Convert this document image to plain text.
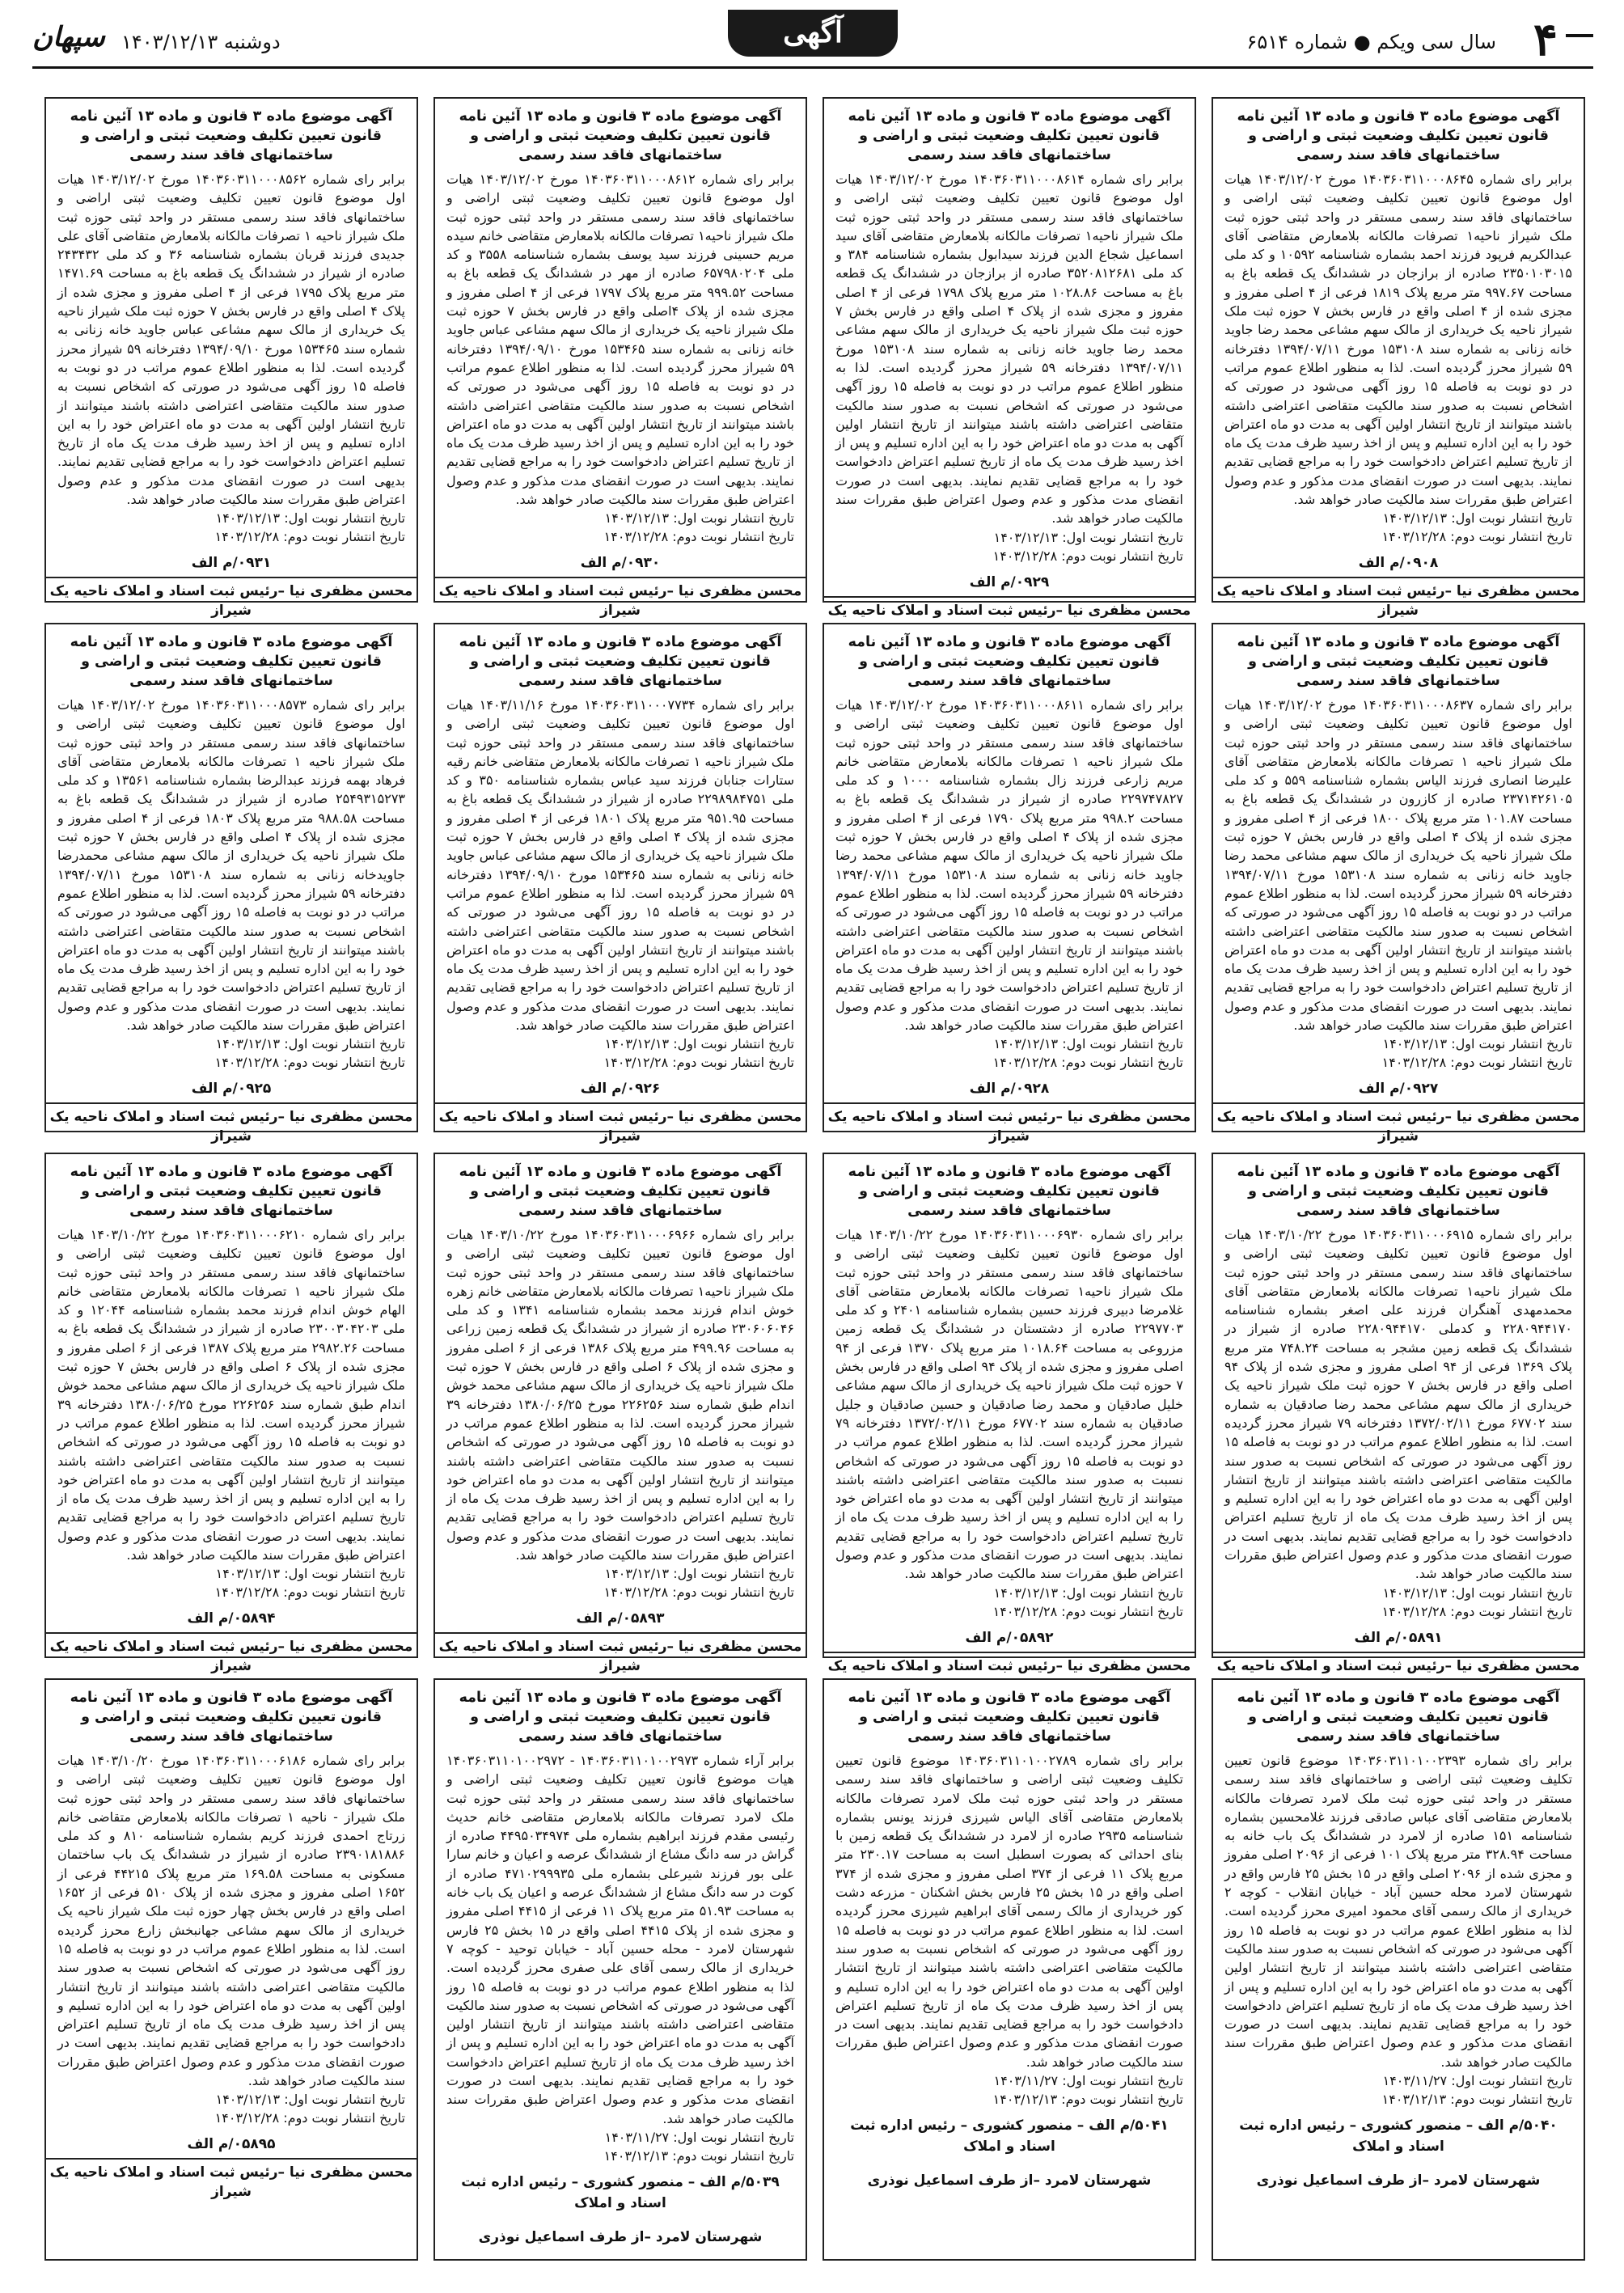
۴
سال سی ویکم ● شماره ۶۵۱۴
آگهی
دوشنبه ۱۴۰۳/۱۲/۱۳
سپهان

آگهی موضوع ماده ۳ قانون و ماده ۱۳ آئین نامه قانون تعیین تکلیف وضعیت ثبتی و اراضی و ساختمانهای فاقد سند رسمی

برابر رای شماره ۱۴۰۳۶۰۳۱۱۰۰۰۸۶۴۵ مورخ ۱۴۰۳/۱۲/۰۲ هیات اول موضوع قانون تعیین تکلیف وضعیت ثبتی اراضی و ساختمانهای فاقد سند رسمی مستقر در واحد ثبتی حوزه ثبت ملک شیراز ناحیه۱ تصرفات مالکانه بلامعارض متقاضی آقای عبدالکریم فرپود فرزند احمد بشماره شناسنامه ۱۰۵۹۲ و کد ملی ۲۳۵۰۱۰۳۰۱۵ صادره از برازجان در ششدانگ یک قطعه باغ به مساحت ۹۹۷.۶۷ متر مربع پلاک ۱۸۱۹ فرعی از ۴ اصلی مفروز و مجزی شده از ۴ اصلی واقع در فارس بخش ۷ حوزه ثبت ملک شیراز ناحیه یک خریداری از مالک سهم مشاعی محمد رضا جاوید خانه زنانی به شماره سند ۱۵۳۱۰۸ مورخ ۱۳۹۴/۰۷/۱۱ دفترخانه ۵۹ شیراز محرز گردیده است. لذا به منظور اطلاع عموم مراتب در دو نوبت به فاصله ۱۵ روز آگهی می‌شود در صورتی که اشخاص نسبت به صدور سند مالکیت متقاضی اعتراضی داشته باشند میتوانند از تاریخ انتشار اولین آگهی به مدت دو ماه اعتراض خود را به این اداره تسلیم و پس از اخذ رسید ظرف مدت یک ماه از تاریخ تسلیم اعتراض دادخواست خود را به مراجع قضایی تقدیم نمایند. بدیهی است در صورت انقضای مدت مذکور و عدم وصول اعتراض طبق مقررات سند مالکیت صادر خواهد شد.

تاریخ انتشار نوبت اول: ۱۴۰۳/۱۲/۱۳

تاریخ انتشار نوبت دوم: ۱۴۰۳/۱۲/۲۸

۰۹۰۸/م الف

محسن مظفری نیا –رئیس ثبت اسناد و املاک ناحیه یک شیراز

آگهی موضوع ماده ۳ قانون و ماده ۱۳ آئین نامه قانون تعیین تکلیف وضعیت ثبتی و اراضی و ساختمانهای فاقد سند رسمی

برابر رای شماره ۱۴۰۳۶۰۳۱۱۰۰۰۸۶۱۴ مورخ ۱۴۰۳/۱۲/۰۲ هیات اول موضوع قانون تعیین تکلیف وضعیت ثبتی اراضی و ساختمانهای فاقد سند رسمی مستقر در واحد ثبتی حوزه ثبت ملک شیراز ناحیه۱ تصرفات مالکانه بلامعارض متقاضی آقای سید اسماعیل شجاع الدین فرزند سیدابول بشماره شناسنامه ۳۸۴ و کد ملی ۳۵۲۰۸۱۲۶۸۱ صادره از برازجان در ششدانگ یک قطعه باغ به مساحت ۱۰۲۸.۸۶ متر مربع پلاک ۱۷۹۸ فرعی از ۴ اصلی مفروز و مجزی شده از پلاک ۴ اصلی واقع در فارس بخش ۷ حوزه ثبت ملک شیراز ناحیه یک خریداری از مالک سهم مشاعی محمد رضا جاوید خانه زنانی به شماره سند ۱۵۳۱۰۸ مورخ ۱۳۹۴/۰۷/۱۱ دفترخانه ۵۹ شیراز محرز گردیده است. لذا به منظور اطلاع عموم مراتب در دو نوبت به فاصله ۱۵ روز آگهی می‌شود در صورتی که اشخاص نسبت به صدور سند مالکیت متقاضی اعتراضی داشته باشند میتوانند از تاریخ انتشار اولین آگهی به مدت دو ماه اعتراض خود را به این اداره تسلیم و پس از اخذ رسید ظرف مدت یک ماه از تاریخ تسلیم اعتراض دادخواست خود را به مراجع قضایی تقدیم نمایند. بدیهی است در صورت انقضای مدت مذکور و عدم وصول اعتراض طبق مقررات سند مالکیت صادر خواهد شد.

تاریخ انتشار نوبت اول: ۱۴۰۳/۱۲/۱۳

تاریخ انتشار نوبت دوم: ۱۴۰۳/۱۲/۲۸

۰۹۲۹/م الف

محسن مظفری نیا –رئیس ثبت اسناد و املاک ناحیه یک

آگهی موضوع ماده ۳ قانون و ماده ۱۳ آئین نامه قانون تعیین تکلیف وضعیت ثبتی و اراضی و ساختمانهای فاقد سند رسمی

برابر رای شماره ۱۴۰۳۶۰۳۱۱۰۰۰۸۶۱۲ مورخ ۱۴۰۳/۱۲/۰۲ هیات اول موضوع قانون تعیین تکلیف وضعیت ثبتی اراضی و ساختمانهای فاقد سند رسمی مستقر در واحد ثبتی حوزه ثبت ملک شیراز ناحیه۱ تصرفات مالکانه بلامعارض متقاضی خانم سیده مریم حسینی فرزند سید یوسف بشماره شناسنامه ۳۵۵۸ و کد ملی ۶۵۷۹۸۰۲۰۴ صادره از مهر در ششدانگ یک قطعه باغ به مساحت ۹۹۹.۵۲ متر مربع پلاک ۱۷۹۷ فرعی از ۴ اصلی مفروز و مجزی شده از پلاک ۴اصلی واقع در فارس بخش ۷ حوزه ثبت ملک شیراز ناحیه یک خریداری از مالک سهم مشاعی عباس جاوید خانه زنانی به شماره سند ۱۵۳۴۶۵ مورخ ۱۳۹۴/۰۹/۱۰ دفترخانه ۵۹ شیراز محرز گردیده است. لذا به منظور اطلاع عموم مراتب در دو نوبت به فاصله ۱۵ روز آگهی می‌شود در صورتی که اشخاص نسبت به صدور سند مالکیت متقاضی اعتراضی داشته باشند میتوانند از تاریخ انتشار اولین آگهی به مدت دو ماه اعتراض خود را به این اداره تسلیم و پس از اخذ رسید ظرف مدت یک ماه از تاریخ تسلیم اعتراض دادخواست خود را به مراجع قضایی تقدیم نمایند. بدیهی است در صورت انقضای مدت مذکور و عدم وصول اعتراض طبق مقررات سند مالکیت صادر خواهد شد.

تاریخ انتشار نوبت اول: ۱۴۰۳/۱۲/۱۳

تاریخ انتشار نوبت دوم: ۱۴۰۳/۱۲/۲۸

۰۹۳۰/م الف

محسن مظفری نیا –رئیس ثبت اسناد و املاک ناحیه یک شیراز

آگهی موضوع ماده ۳ قانون و ماده ۱۳ آئین نامه قانون تعیین تکلیف وضعیت ثبتی و اراضی و ساختمانهای فاقد سند رسمی

برابر رای شماره ۱۴۰۳۶۰۳۱۱۰۰۰۸۵۶۲ مورخ ۱۴۰۳/۱۲/۰۲ هیات اول موضوع قانون تعیین تکلیف وضعیت ثبتی اراضی و ساختمانهای فاقد سند رسمی مستقر در واحد ثبتی حوزه ثبت ملک شیراز ناحیه ۱ تصرفات مالکانه بلامعارض متقاضی آقای علی جدیدی فرزند قربان بشماره شناسنامه ۳۶ و کد ملی ۲۴۳۴۳۲ صادره از شیراز در ششدانگ یک قطعه باغ به مساحت ۱۴۷۱.۶۹ متر مربع پلاک ۱۷۹۵ فرعی از ۴ اصلی مفروز و مجزی شده از پلاک ۴ اصلی واقع در فارس بخش ۷ حوزه ثبت ملک شیراز ناحیه یک خریداری از مالک سهم مشاعی عباس جاوید خانه زنانی به شماره سند ۱۵۳۴۶۵ مورخ ۱۳۹۴/۰۹/۱۰ دفترخانه ۵۹ شیراز محرز گردیده است. لذا به منظور اطلاع عموم مراتب در دو نوبت به فاصله ۱۵ روز آگهی می‌شود در صورتی که اشخاص نسبت به صدور سند مالکیت متقاضی اعتراضی داشته باشند میتوانند از تاریخ انتشار اولین آگهی به مدت دو ماه اعتراض خود را به این اداره تسلیم و پس از اخذ رسید ظرف مدت یک ماه از تاریخ تسلیم اعتراض دادخواست خود را به مراجع قضایی تقدیم نمایند. بدیهی است در صورت انقضای مدت مذکور و عدم وصول اعتراض طبق مقررات سند مالکیت صادر خواهد شد.

تاریخ انتشار نوبت اول: ۱۴۰۳/۱۲/۱۳

تاریخ انتشار نوبت دوم: ۱۴۰۳/۱۲/۲۸

۰۹۳۱/م الف

محسن مظفری نیا –رئیس ثبت اسناد و املاک ناحیه یک شیراز

آگهی موضوع ماده ۳ قانون و ماده ۱۳ آئین نامه قانون تعیین تکلیف وضعیت ثبتی و اراضی و ساختمانهای فاقد سند رسمی

برابر رای شماره ۱۴۰۳۶۰۳۱۱۰۰۰۸۶۳۷ مورخ ۱۴۰۳/۱۲/۰۲ هیات اول موضوع قانون تعیین تکلیف وضعیت ثبتی اراضی و ساختمانهای فاقد سند رسمی مستقر در واحد ثبتی حوزه ثبت ملک شیراز ناحیه ۱ تصرفات مالکانه بلامعارض متقاضی آقای علیرضا انصاری فرزند الیاس بشماره شناسنامه ۵۵۹ و کد ملی ۲۳۷۱۴۲۶۱۰۵ صادره از کازرون در ششدانگ یک قطعه باغ به مساحت ۱۰۱.۸۷ متر مربع پلاک ۱۸۰۰ فرعی از ۴ اصلی مفروز و مجزی شده از پلاک ۴ اصلی واقع در فارس بخش ۷ حوزه ثبت ملک شیراز ناحیه یک خریداری از مالک سهم مشاعی محمد رضا جاوید خانه زنانی به شماره سند ۱۵۳۱۰۸ مورخ ۱۳۹۴/۰۷/۱۱ دفترخانه ۵۹ شیراز محرز گردیده است. لذا به منظور اطلاع عموم مراتب در دو نوبت به فاصله ۱۵ روز آگهی می‌شود در صورتی که اشخاص نسبت به صدور سند مالکیت متقاضی اعتراضی داشته باشند میتوانند از تاریخ انتشار اولین آگهی به مدت دو ماه اعتراض خود را به این اداره تسلیم و پس از اخذ رسید ظرف مدت یک ماه از تاریخ تسلیم اعتراض دادخواست خود را به مراجع قضایی تقدیم نمایند. بدیهی است در صورت انقضای مدت مذکور و عدم وصول اعتراض طبق مقررات سند مالکیت صادر خواهد شد.

تاریخ انتشار نوبت اول: ۱۴۰۳/۱۲/۱۳

تاریخ انتشار نوبت دوم: ۱۴۰۳/۱۲/۲۸

۰۹۲۷/م الف

محسن مظفری نیا –رئیس ثبت اسناد و املاک ناحیه یک شیراز

آگهی موضوع ماده ۳ قانون و ماده ۱۳ آئین نامه قانون تعیین تکلیف وضعیت ثبتی و اراضی و ساختمانهای فاقد سند رسمی

برابر رای شماره ۱۴۰۳۶۰۳۱۱۰۰۰۸۶۱۱ مورخ ۱۴۰۳/۱۲/۰۲ هیات اول موضوع قانون تعیین تکلیف وضعیت ثبتی اراضی و ساختمانهای فاقد سند رسمی مستقر در واحد ثبتی حوزه ثبت ملک شیراز ناحیه ۱ تصرفات مالکانه بلامعارض متقاضی خانم مریم زارعی فرزند زال بشماره شناسنامه ۱۰۰۰ و کد ملی ۲۲۹۷۴۷۸۲۷ صادره از شیراز در ششدانگ یک قطعه باغ به مساحت ۹۹۸.۲ متر مربع پلاک ۱۷۹۰ فرعی از ۴ اصلی مفروز و مجزی شده از پلاک ۴ اصلی واقع در فارس بخش ۷ حوزه ثبت ملک شیراز ناحیه یک خریداری از مالک سهم مشاعی محمد رضا جاوید خانه زنانی به شماره سند ۱۵۳۱۰۸ مورخ ۱۳۹۴/۰۷/۱۱ دفترخانه ۵۹ شیراز محرز گردیده است. لذا به منظور اطلاع عموم مراتب در دو نوبت به فاصله ۱۵ روز آگهی می‌شود در صورتی که اشخاص نسبت به صدور سند مالکیت متقاضی اعتراضی داشته باشند میتوانند از تاریخ انتشار اولین آگهی به مدت دو ماه اعتراض خود را به این اداره تسلیم و پس از اخذ رسید ظرف مدت یک ماه از تاریخ تسلیم اعتراض دادخواست خود را به مراجع قضایی تقدیم نمایند. بدیهی است در صورت انقضای مدت مذکور و عدم وصول اعتراض طبق مقررات سند مالکیت صادر خواهد شد.

تاریخ انتشار نوبت اول: ۱۴۰۳/۱۲/۱۳

تاریخ انتشار نوبت دوم: ۱۴۰۳/۱۲/۲۸

۰۹۲۸/م الف

محسن مظفری نیا –رئیس ثبت اسناد و املاک ناحیه یک شیراز

آگهی موضوع ماده ۳ قانون و ماده ۱۳ آئین نامه قانون تعیین تکلیف وضعیت ثبتی و اراضی و ساختمانهای فاقد سند رسمی

برابر رای شماره ۱۴۰۳۶۰۳۱۱۰۰۰۷۷۳۴ مورخ ۱۴۰۳/۱۱/۱۶ هیات اول موضوع قانون تعیین تکلیف وضعیت ثبتی اراضی و ساختمانهای فاقد سند رسمی مستقر در واحد ثبتی حوزه ثبت ملک شیراز ناحیه ۱ تصرفات مالکانه بلامعارض متقاضی خانم رقیه ستارات جنابان فرزند سید عباس بشماره شناسنامه ۳۵۰ و کد ملی ۲۲۹۸۹۸۴۷۵۱ صادره از شیراز در ششدانگ یک قطعه باغ به مساحت ۹۵۱.۹۵ متر مربع پلاک ۱۸۰۱ فرعی از ۴ اصلی مفروز و مجزی شده از پلاک ۴ اصلی واقع در فارس بخش ۷ حوزه ثبت ملک شیراز ناحیه یک خریداری از مالک سهم مشاعی عباس جاوید خانه زنانی به شماره سند ۱۵۳۴۶۵ مورخ ۱۳۹۴/۰۹/۱۰ دفترخانه ۵۹ شیراز محرز گردیده است. لذا به منظور اطلاع عموم مراتب در دو نوبت به فاصله ۱۵ روز آگهی می‌شود در صورتی که اشخاص نسبت به صدور سند مالکیت متقاضی اعتراضی داشته باشند میتوانند از تاریخ انتشار اولین آگهی به مدت دو ماه اعتراض خود را به این اداره تسلیم و پس از اخذ رسید ظرف مدت یک ماه از تاریخ تسلیم اعتراض دادخواست خود را به مراجع قضایی تقدیم نمایند. بدیهی است در صورت انقضای مدت مذکور و عدم وصول اعتراض طبق مقررات سند مالکیت صادر خواهد شد.

تاریخ انتشار نوبت اول: ۱۴۰۳/۱۲/۱۳

تاریخ انتشار نوبت دوم: ۱۴۰۳/۱۲/۲۸

۰۹۲۶/م الف

محسن مظفری نیا –رئیس ثبت اسناد و املاک ناحیه یک شیراز

آگهی موضوع ماده ۳ قانون و ماده ۱۳ آئین نامه قانون تعیین تکلیف وضعیت ثبتی و اراضی و ساختمانهای فاقد سند رسمی

برابر رای شماره ۱۴۰۳۶۰۳۱۱۰۰۰۸۵۷۳ مورخ ۱۴۰۳/۱۲/۰۲ هیات اول موضوع قانون تعیین تکلیف وضعیت ثبتی اراضی و ساختمانهای فاقد سند رسمی مستقر در واحد ثبتی حوزه ثبت ملک شیراز ناحیه ۱ تصرفات مالکانه بلامعارض متقاضی آقای فرهاد بهمه فرزند عبدالرضا بشماره شناسنامه ۱۳۵۶۱ و کد ملی ۲۵۴۹۳۱۵۲۷۳ صادره از شیراز در ششدانگ یک قطعه باغ به مساحت ۹۸۸.۵۸ متر مربع پلاک ۱۸۰۳ فرعی از ۴ اصلی مفروز و مجزی شده از پلاک ۴ اصلی واقع در فارس بخش ۷ حوزه ثبت ملک شیراز ناحیه یک خریداری از مالک سهم مشاعی محمدرضا جاویدخانه زنانی به شماره سند ۱۵۳۱۰۸ مورخ ۱۳۹۴/۰۷/۱۱ دفترخانه ۵۹ شیراز محرز گردیده است. لذا به منظور اطلاع عموم مراتب در دو نوبت به فاصله ۱۵ روز آگهی می‌شود در صورتی که اشخاص نسبت به صدور سند مالکیت متقاضی اعتراضی داشته باشند میتوانند از تاریخ انتشار اولین آگهی به مدت دو ماه اعتراض خود را به این اداره تسلیم و پس از اخذ رسید ظرف مدت یک ماه از تاریخ تسلیم اعتراض دادخواست خود را به مراجع قضایی تقدیم نمایند. بدیهی است در صورت انقضای مدت مذکور و عدم وصول اعتراض طبق مقررات سند مالکیت صادر خواهد شد.

تاریخ انتشار نوبت اول: ۱۴۰۳/۱۲/۱۳

تاریخ انتشار نوبت دوم: ۱۴۰۳/۱۲/۲۸

۰۹۲۵/م الف

محسن مظفری نیا –رئیس ثبت اسناد و املاک ناحیه یک شیراز

آگهی موضوع ماده ۳ قانون و ماده ۱۳ آئین نامه قانون تعیین تکلیف وضعیت ثبتی و اراضی و ساختمانهای فاقد سند رسمی

برابر رای شماره ۱۴۰۳۶۰۳۱۱۰۰۰۶۹۱۵ مورخ ۱۴۰۳/۱۰/۲۲ هیات اول موضوع قانون تعیین تکلیف وضعیت ثبتی اراضی و ساختمانهای فاقد سند رسمی مستقر در واحد ثبتی حوزه ثبت ملک شیراز ناحیه۱ تصرفات مالکانه بلامعارض متقاضی آقای محمدمهدی آهنگران فرزند علی اصغر بشماره شناسنامه ۲۲۸۰۹۴۴۱۷۰ و کدملی ۲۲۸۰۹۴۴۱۷۰ صادره از شیراز در ششدانگ یک قطعه زمین مشجر به مساحت ۷۴۸.۲۴ متر مربع پلاک ۱۳۶۹ فرعی از ۹۴ اصلی مفروز و مجزی شده از پلاک ۹۴ اصلی واقع در فارس بخش ۷ حوزه ثبت ملک شیراز ناحیه یک خریداری از مالک سهم مشاعی محمد رضا صادقیان به شماره سند ۶۷۷۰۲ مورخ ۱۳۷۲/۰۲/۱۱ دفترخانه ۷۹ شیراز محرز گردیده است. لذا به منظور اطلاع عموم مراتب در دو نوبت به فاصله ۱۵ روز آگهی می‌شود در صورتی که اشخاص نسبت به صدور سند مالکیت متقاضی اعتراضی داشته باشند میتوانند از تاریخ انتشار اولین آگهی به مدت دو ماه اعتراض خود را به این اداره تسلیم و پس از اخذ رسید ظرف مدت یک ماه از تاریخ تسلیم اعتراض دادخواست خود را به مراجع قضایی تقدیم نمایند. بدیهی است در صورت انقضای مدت مذکور و عدم وصول اعتراض طبق مقررات سند مالکیت صادر خواهد شد.

تاریخ انتشار نوبت اول: ۱۴۰۳/۱۲/۱۳

تاریخ انتشار نوبت دوم: ۱۴۰۳/۱۲/۲۸

۰۵۸۹۱/م الف

محسن مظفری نیا –رئیس ثبت اسناد و املاک ناحیه یک

آگهی موضوع ماده ۳ قانون و ماده ۱۳ آئین نامه قانون تعیین تکلیف وضعیت ثبتی و اراضی و ساختمانهای فاقد سند رسمی

برابر رای شماره ۱۴۰۳۶۰۳۱۱۰۰۰۶۹۳۰ مورخ ۱۴۰۳/۱۰/۲۲ هیات اول موضوع قانون تعیین تکلیف وضعیت ثبتی اراضی و ساختمانهای فاقد سند رسمی مستقر در واحد ثبتی حوزه ثبت ملک شیراز ناحیه۱ تصرفات مالکانه بلامعارض متقاضی آقای غلامرضا دبیری فرزند حسین بشماره شناسنامه ۲۴۰۱ و کد ملی ۲۲۹۷۷۰۳ صادره از دشتستان در ششدانگ یک قطعه زمین مزروعی به مساحت ۱۰۱۸.۶۴ متر مربع پلاک ۱۳۷۰ فرعی از ۹۴ اصلی مفروز و مجزی شده از پلاک ۹۴ اصلی واقع در فارس بخش ۷ حوزه ثبت ملک شیراز ناحیه یک خریداری از مالک سهم مشاعی خلیل صادقیان و محمد رضا صادقیان و حسین صادقیان و جلیل صادقیان به شماره سند ۶۷۷۰۲ مورخ ۱۳۷۲/۰۲/۱۱ دفترخانه ۷۹ شیراز محرز گردیده است. لذا به منظور اطلاع عموم مراتب در دو نوبت به فاصله ۱۵ روز آگهی می‌شود در صورتی که اشخاص نسبت به صدور سند مالکیت متقاضی اعتراضی داشته باشند میتوانند از تاریخ انتشار اولین آگهی به مدت دو ماه اعتراض خود را به این اداره تسلیم و پس از اخذ رسید ظرف مدت یک ماه از تاریخ تسلیم اعتراض دادخواست خود را به مراجع قضایی تقدیم نمایند. بدیهی است در صورت انقضای مدت مذکور و عدم وصول اعتراض طبق مقررات سند مالکیت صادر خواهد شد.

تاریخ انتشار نوبت اول: ۱۴۰۳/۱۲/۱۳

تاریخ انتشار نوبت دوم: ۱۴۰۳/۱۲/۲۸

۰۵۸۹۲/م الف

محسن مظفری نیا –رئیس ثبت اسناد و املاک ناحیه یک

آگهی موضوع ماده ۳ قانون و ماده ۱۳ آئین نامه قانون تعیین تکلیف وضعیت ثبتی و اراضی و ساختمانهای فاقد سند رسمی

برابر رای شماره ۱۴۰۳۶۰۳۱۱۰۰۰۶۹۶۶ مورخ ۱۴۰۳/۱۰/۲۲ هیات اول موضوع قانون تعیین تکلیف وضعیت ثبتی اراضی و ساختمانهای فاقد سند رسمی مستقر در واحد ثبتی حوزه ثبت ملک شیراز ناحیه۱ تصرفات مالکانه بلامعارض متقاضی خانم زهره خوش اندام فرزند محمد بشماره شناسنامه ۱۳۴۱ و کد ملی ۲۳۰۶۰۶۰۴۶ صادره از شیراز در ششدانگ یک قطعه زمین زراعی به مساحت ۴۹۹.۹۶ متر مربع پلاک ۱۳۸۶ فرعی از ۶ اصلی مفروز و مجزی شده از پلاک ۶ اصلی واقع در فارس بخش ۷ حوزه ثبت ملک شیراز ناحیه یک خریداری از مالک سهم مشاعی محمد خوش اندام طبق شماره سند ۲۲۶۲۵۶ مورخ ۱۳۸۰/۰۶/۲۵ دفترخانه ۳۹ شیراز محرز گردیده است. لذا به منظور اطلاع عموم مراتب در دو نوبت به فاصله ۱۵ روز آگهی می‌شود در صورتی که اشخاص نسبت به صدور سند مالکیت متقاضی اعتراضی داشته باشند میتوانند از تاریخ انتشار اولین آگهی به مدت دو ماه اعتراض خود را به این اداره تسلیم و پس از اخذ رسید ظرف مدت یک ماه از تاریخ تسلیم اعتراض دادخواست خود را به مراجع قضایی تقدیم نمایند. بدیهی است در صورت انقضای مدت مذکور و عدم وصول اعتراض طبق مقررات سند مالکیت صادر خواهد شد.

تاریخ انتشار نوبت اول: ۱۴۰۳/۱۲/۱۳

تاریخ انتشار نوبت دوم: ۱۴۰۳/۱۲/۲۸

۰۵۸۹۳/م الف

محسن مظفری نیا –رئیس ثبت اسناد و املاک ناحیه یک شیراز

آگهی موضوع ماده ۳ قانون و ماده ۱۳ آئین نامه قانون تعیین تکلیف وضعیت ثبتی و اراضی و ساختمانهای فاقد سند رسمی

برابر رای شماره ۱۴۰۳۶۰۳۱۱۰۰۰۶۲۱۰ مورخ ۱۴۰۳/۱۰/۲۲ هیات اول موضوع قانون تعیین تکلیف وضعیت ثبتی اراضی و ساختمانهای فاقد سند رسمی مستقر در واحد ثبتی حوزه ثبت ملک شیراز ناحیه ۱ تصرفات مالکانه بلامعارض متقاضی خانم الهام خوش اندام فرزند محمد بشماره شناسنامه ۱۲۰۴۴ و کد ملی ۲۳۰۰۳۰۴۲۰۳ صادره از شیراز در ششدانگ یک قطعه باغ به مساحت ۲۹۸۲.۲۶ متر مربع پلاک ۱۳۸۷ فرعی از ۶ اصلی مفروز و مجزی شده از پلاک ۶ اصلی واقع در فارس بخش ۷ حوزه ثبت ملک شیراز ناحیه یک خریداری از مالک سهم مشاعی محمد خوش اندام طبق شماره سند ۲۲۶۲۵۶ مورخ ۱۳۸۰/۰۶/۲۵ دفترخانه ۳۹ شیراز محرز گردیده است. لذا به منظور اطلاع عموم مراتب در دو نوبت به فاصله ۱۵ روز آگهی می‌شود در صورتی که اشخاص نسبت به صدور سند مالکیت متقاضی اعتراضی داشته باشند میتوانند از تاریخ انتشار اولین آگهی به مدت دو ماه اعتراض خود را به این اداره تسلیم و پس از اخذ رسید ظرف مدت یک ماه از تاریخ تسلیم اعتراض دادخواست خود را به مراجع قضایی تقدیم نمایند. بدیهی است در صورت انقضای مدت مذکور و عدم وصول اعتراض طبق مقررات سند مالکیت صادر خواهد شد.

تاریخ انتشار نوبت اول: ۱۴۰۳/۱۲/۱۳

تاریخ انتشار نوبت دوم: ۱۴۰۳/۱۲/۲۸

۰۵۸۹۴/م الف

محسن مظفری نیا –رئیس ثبت اسناد و املاک ناحیه یک شیراز

آگهی موضوع ماده ۳ قانون و ماده ۱۳ آئین نامه قانون تعیین تکلیف وضعیت ثبتی و اراضی و ساختمانهای فاقد سند رسمی

برابر رای شماره ۱۴۰۳۶۰۳۱۱۰۱۰۰۲۳۹۳ موضوع قانون تعیین تکلیف وضعیت ثبتی اراضی و ساختمانهای فاقد سند رسمی مستقر در واحد ثبتی حوزه ثبت ملک لامرد تصرفات مالکانه بلامعارض متقاضی آقای عباس صادقی فرزند غلامحسین بشماره شناسنامه ۱۵۱ صادره از لامرد در ششدانگ یک باب خانه به مساحت ۳۲۸.۹۴ متر مربع پلاک ۱۰۱ فرعی از ۲۰۹۶ اصلی مفروز و مجزی شده از ۲۰۹۶ اصلی واقع در ۱۵ بخش ۲۵ فارس واقع در شهرستان لامرد محله حسین آباد - خیابان انقلاب - کوچه ۲ خریداری از مالک رسمی آقای محمود امیری محرز گردیده است. لذا به منظور اطلاع عموم مراتب در دو نوبت به فاصله ۱۵ روز آگهی می‌شود در صورتی که اشخاص نسبت به صدور سند مالکیت متقاضی اعتراضی داشته باشند میتوانند از تاریخ انتشار اولین آگهی به مدت دو ماه اعتراض خود را به این اداره تسلیم و پس از اخذ رسید ظرف مدت یک ماه از تاریخ تسلیم اعتراض دادخواست خود را به مراجع قضایی تقدیم نمایند. بدیهی است در صورت انقضای مدت مذکور و عدم وصول اعتراض طبق مقررات سند مالکیت صادر خواهد شد.

تاریخ انتشار نوبت اول: ۱۴۰۳/۱۱/۲۷

تاریخ انتشار نوبت دوم: ۱۴۰۳/۱۲/۱۳

۵۰۴۰/م الف – منصور کشوری – رئیس اداره ثبت اسناد و املاک

شهرستان لامرد –از طرف اسماعیل نوذری

آگهی موضوع ماده ۳ قانون و ماده ۱۳ آئین نامه قانون تعیین تکلیف وضعیت ثبتی و اراضی و ساختمانهای فاقد سند رسمی

برابر رای شماره ۱۴۰۳۶۰۳۱۱۰۱۰۰۲۷۸۹ موضوع قانون تعیین تکلیف وضعیت ثبتی اراضی و ساختمانهای فاقد سند رسمی مستقر در واحد ثبتی حوزه ثبت ملک لامرد تصرفات مالکانه بلامعارض متقاضی آقای الیاس شیرزی فرزند یونس بشماره شناسنامه ۲۹۳۵ صادره از لامرد در ششدانگ یک قطعه زمین با بنای احداثی که بصورت اسطبل است به مساحت ۲۳۰.۱۷ متر مربع پلاک ۱۱ فرعی از ۳۷۴ اصلی مفروز و مجزی شده از ۳۷۴ اصلی واقع در ۱۵ بخش ۲۵ فارس بخش اشکنان - مزرعه دشت کور خریداری از مالک رسمی آقای ابراهیم شیرزی محرز گردیده است. لذا به منظور اطلاع عموم مراتب در دو نوبت به فاصله ۱۵ روز آگهی می‌شود در صورتی که اشخاص نسبت به صدور سند مالکیت متقاضی اعتراضی داشته باشند میتوانند از تاریخ انتشار اولین آگهی به مدت دو ماه اعتراض خود را به این اداره تسلیم و پس از اخذ رسید ظرف مدت یک ماه از تاریخ تسلیم اعتراض دادخواست خود را به مراجع قضایی تقدیم نمایند. بدیهی است در صورت انقضای مدت مذکور و عدم وصول اعتراض طبق مقررات سند مالکیت صادر خواهد شد.

تاریخ انتشار نوبت اول: ۱۴۰۳/۱۱/۲۷

تاریخ انتشار نوبت دوم: ۱۴۰۳/۱۲/۱۳

۵۰۴۱/م الف – منصور کشوری – رئیس اداره ثبت اسناد و املاک

شهرستان لامرد –از طرف اسماعیل نوذری

آگهی موضوع ماده ۳ قانون و ماده ۱۳ آئین نامه قانون تعیین تکلیف وضعیت ثبتی و اراضی و ساختمانهای فاقد سند رسمی

برابر آراء شماره ۱۴۰۳۶۰۳۱۱۰۱۰۰۲۹۷۳ - ۱۴۰۳۶۰۳۱۱۰۱۰۰۲۹۷۲ هیات موضوع قانون تعیین تکلیف وضعیت ثبتی اراضی و ساختمانهای فاقد سند رسمی مستقر در واحد ثبتی حوزه ثبت ملک لامرد تصرفات مالکانه بلامعارض متقاضی خانم حدیث رئیسی مقدم فرزند ابراهیم بشماره ملی ۴۴۹۵۰۳۴۹۷۴ صادره از گراش در سه دانگ مشاع از ششدانگ عرصه و اعیان و خانم سارا علی بور فرزند شیرعلی بشماره ملی ۴۷۱۰۲۹۹۹۳۵ صادره از کوت در سه دانگ مشاع از ششدانگ عرصه و اعیان یک باب خانه به مساحت ۵۱.۹۳ متر مربع پلاک ۱۱ فرعی از ۴۴۱۵ اصلی مفروز و مجزی شده از پلاک ۴۴۱۵ اصلی واقع در ۱۵ بخش ۲۵ فارس شهرستان لامرد - محله حسین آباد - خیابان توحید - کوچه ۷ خریداری از مالک رسمی آقای علی صفری محرز گردیده است. لذا به منظور اطلاع عموم مراتب در دو نوبت به فاصله ۱۵ روز آگهی می‌شود در صورتی که اشخاص نسبت به صدور سند مالکیت متقاضی اعتراضی داشته باشند میتوانند از تاریخ انتشار اولین آگهی به مدت دو ماه اعتراض خود را به این اداره تسلیم و پس از اخذ رسید ظرف مدت یک ماه از تاریخ تسلیم اعتراض دادخواست خود را به مراجع قضایی تقدیم نمایند. بدیهی است در صورت انقضای مدت مذکور و عدم وصول اعتراض طبق مقررات سند مالکیت صادر خواهد شد.

تاریخ انتشار نوبت اول: ۱۴۰۳/۱۱/۲۷

تاریخ انتشار نوبت دوم: ۱۴۰۳/۱۲/۱۳

۵۰۳۹/م الف – منصور کشوری – رئیس اداره ثبت اسناد و املاک

شهرستان لامرد –از طرف اسماعیل نوذری

آگهی موضوع ماده ۳ قانون و ماده ۱۳ آئین نامه قانون تعیین تکلیف وضعیت ثبتی و اراضی و ساختمانهای فاقد سند رسمی

برابر رای شماره ۱۴۰۳۶۰۳۱۱۰۰۰۶۱۸۶ مورخ ۱۴۰۳/۱۰/۲۰ هیات اول موضوع قانون تعیین تکلیف وضعیت ثبتی اراضی و ساختمانهای فاقد سند رسمی مستقر در واحد ثبتی حوزه ثبت ملک شیراز - ناحیه ۱ تصرفات مالکانه بلامعارض متقاضی خانم زرتاج احمدی فرزند کریم بشماره شناسنامه ۸۱۰ و کد ملی ۲۳۹۰۱۸۱۸۸۶ صادره از شیراز در ششدانگ یک باب ساختمان مسکونی به مساحت ۱۶۹.۵۸ متر مربع پلاک ۴۴۲۱۵ فرعی از ۱۶۵۲ اصلی مفروز و مجزی شده از پلاک ۵۱۰ فرعی از ۱۶۵۲ اصلی واقع در فارس بخش چهار حوزه ثبت ملک شیراز ناحیه یک خریداری از مالک سهم مشاعی جهانبخش زارع محرز گردیده است. لذا به منظور اطلاع عموم مراتب در دو نوبت به فاصله ۱۵ روز آگهی می‌شود در صورتی که اشخاص نسبت به صدور سند مالکیت متقاضی اعتراضی داشته باشند میتوانند از تاریخ انتشار اولین آگهی به مدت دو ماه اعتراض خود را به این اداره تسلیم و پس از اخذ رسید ظرف مدت یک ماه از تاریخ تسلیم اعتراض دادخواست خود را به مراجع قضایی تقدیم نمایند. بدیهی است در صورت انقضای مدت مذکور و عدم وصول اعتراض طبق مقررات سند مالکیت صادر خواهد شد.

تاریخ انتشار نوبت اول: ۱۴۰۳/۱۲/۱۳

تاریخ انتشار نوبت دوم: ۱۴۰۳/۱۲/۲۸

۰۵۸۹۵/م الف

محسن مظفری نیا –رئیس ثبت اسناد و املاک ناحیه یک شیراز
